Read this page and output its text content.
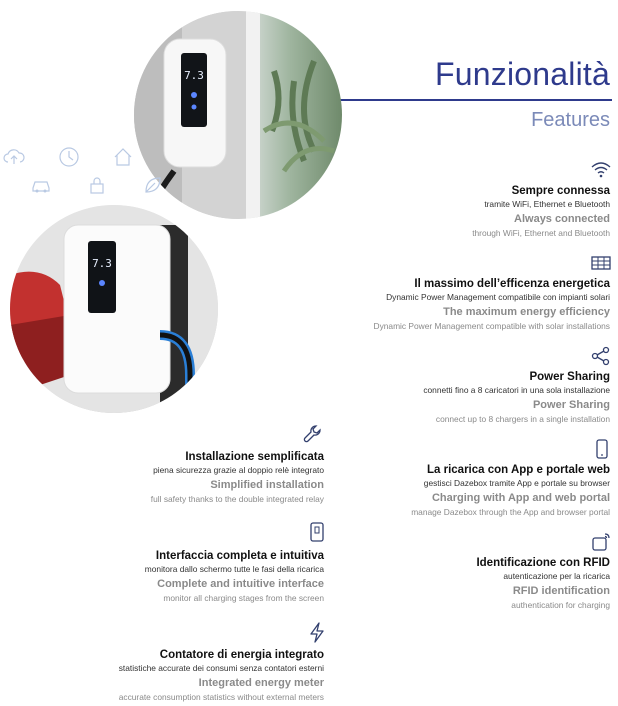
Funzionalità
Features
7.3
7.3
Sempre connessa
tramite WiFi, Ethernet e Bluetooth
Always connected
through WiFi, Ethernet and Bluetooth
Il massimo dell’efficenza energetica
Dynamic Power Management compatibile con impianti solari
The maximum energy efficiency
Dynamic Power Management compatible with solar installations
Power Sharing
connetti fino a 8 caricatori in una sola installazione
Power Sharing
connect up to 8 chargers in a single installation
Installazione semplificata
piena sicurezza grazie al doppio relè integrato
Simplified installation
full safety thanks to the double integrated relay
La ricarica con App e portale web
gestisci Dazebox tramite App e portale su browser
Charging with App and web portal
manage Dazebox through the App and browser portal
Interfaccia completa e intuitiva
monitora dallo schermo tutte le fasi della ricarica
Complete and intuitive interface
monitor all charging stages from the screen
Identificazione con RFID
autenticazione per la ricarica
RFID identification
authentication for charging
Contatore di energia integrato
statistiche accurate dei consumi senza contatori esterni
Integrated energy meter
accurate consumption statistics without external meters
